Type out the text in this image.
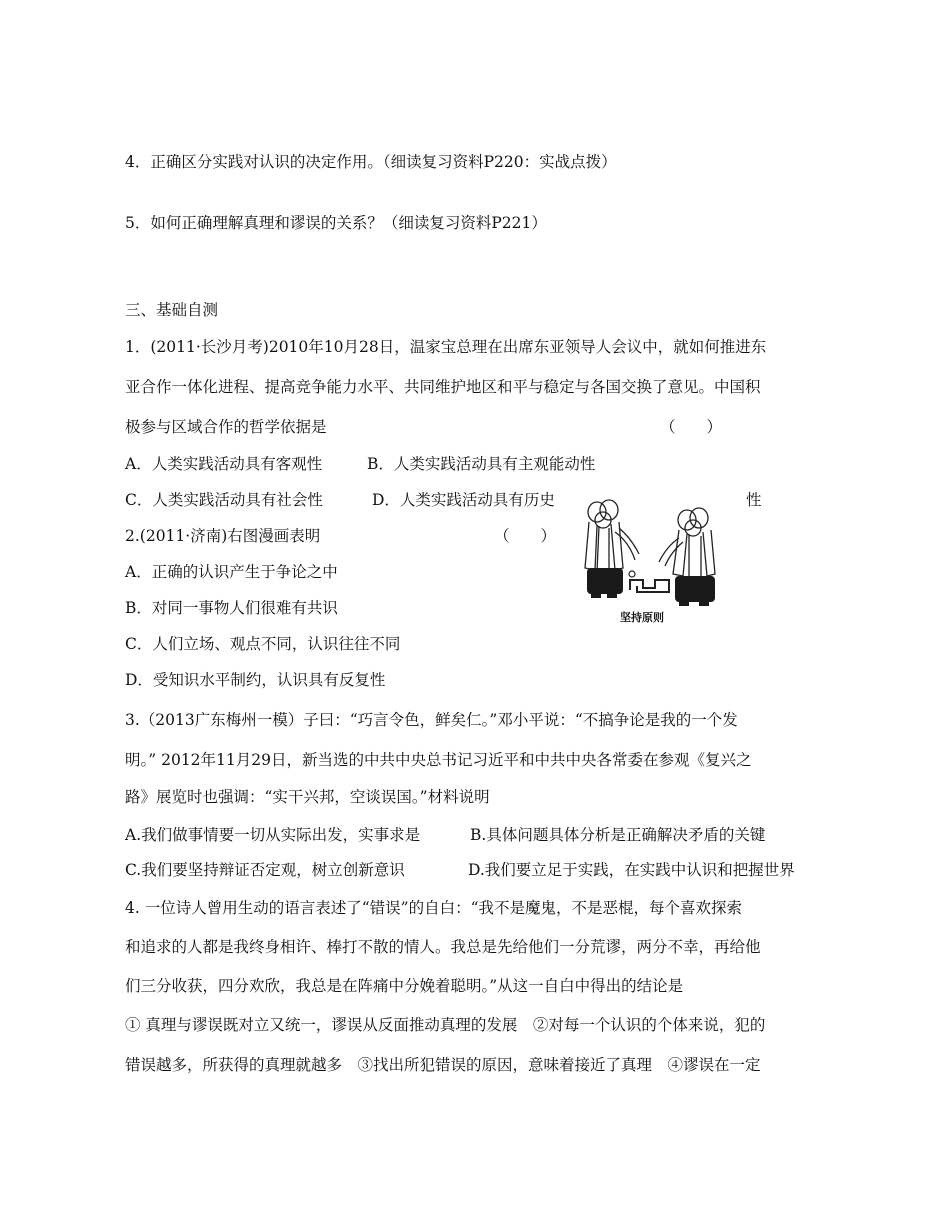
4．正确区分实践对认识的决定作用。（细读复习资料P220：实战点拨）
5．如何正确理解真理和谬误的关系？（细读复习资料P221）
三、基础自测
1．(2011·长沙月考)2010年10月28日，温家宝总理在出席东亚领导人会议中，就如何推进东
亚合作一体化进程、提高竞争能力水平、共同维护地区和平与稳定与各国交换了意见。中国积
极参与区域合作的哲学依据是	（　　）
A．人类实践活动具有客观性	B．人类实践活动具有主观能动性
C．人类实践活动具有社会性	D．人类实践活动具有历史	性
2.(2011·济南)右图漫画表明	（　　）
A．正确的认识产生于争论之中
B．对同一事物人们很难有共识
C．人们立场、观点不同，认识往往不同
D．受知识水平制约，认识具有反复性
坚持原则
3.（2013广东梅州一模）子曰：“巧言令色，鲜矣仁。”邓小平说：“不搞争论是我的一个发
明。” 2012年11月29日，新当选的中共中央总书记习近平和中共中央各常委在参观《复兴之
路》展览时也强调：“实干兴邦，空谈误国。”材料说明
A.我们做事情要一切从实际出发，实事求是	B.具体问题具体分析是正确解决矛盾的关键
C.我们要坚持辩证否定观，树立创新意识	D.我们要立足于实践，在实践中认识和把握世界
4. 一位诗人曾用生动的语言表述了“错误”的自白：“我不是魔鬼，不是恶棍，每个喜欢探索
和追求的人都是我终身相许、棒打不散的情人。我总是先给他们一分荒谬，两分不幸，再给他
们三分收获，四分欢欣，我总是在阵痛中分娩着聪明。”从这一自白中得出的结论是
① 真理与谬误既对立又统一，谬误从反面推动真理的发展　②对每一个认识的个体来说，犯的
错误越多，所获得的真理就越多　③找出所犯错误的原因，意味着接近了真理　④谬误在一定
